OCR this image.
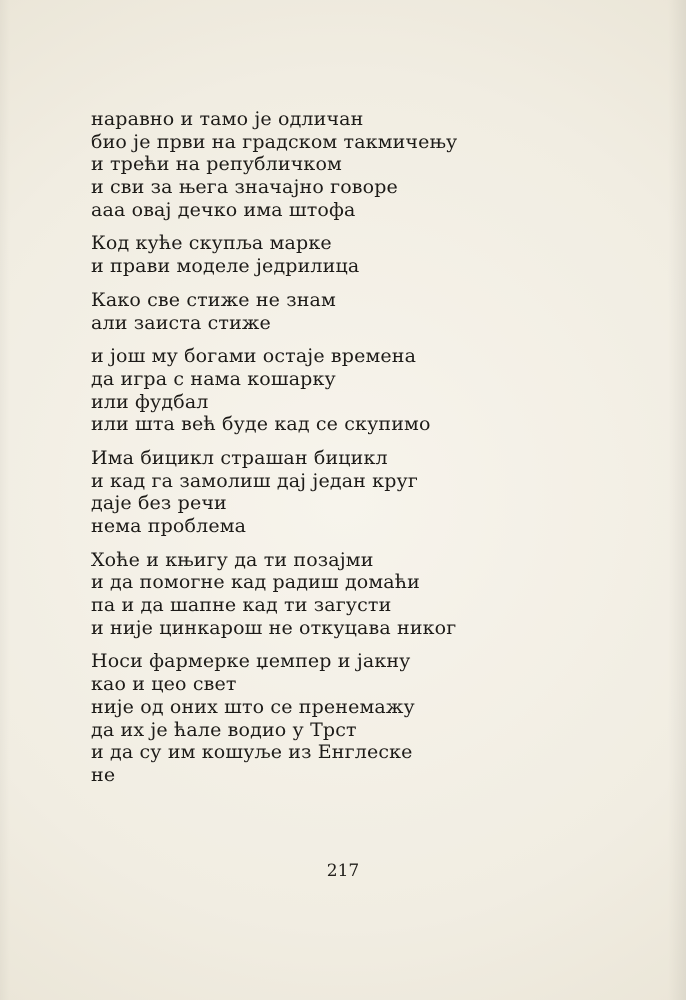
наравно и тамо је одличан
био је први на градском такмичењу
и трећи на републичком
и сви за њега значајно говоре
ааа овај дечко има штофа
Код куће скупља марке
и прави моделе једрилица
Како све стиже не знам
али заиста стиже
и још му богами остаје времена
да игра с нама кошарку
или фудбал
или шта већ буде кад се скупимо
Има бицикл страшан бицикл
и кад га замолиш дај један круг
даје без речи
нема проблема
Хоће и књигу да ти позајми
и да помогне кад радиш домаћи
па и да шапне кад ти загусти
и није цинкарош не откуцава никог
Носи фармерке џемпер и јакну
као и цео свет
није од оних што се пренемажу
да их је ћале водио у Трст
и да су им кошуље из Енглеске
не
217
